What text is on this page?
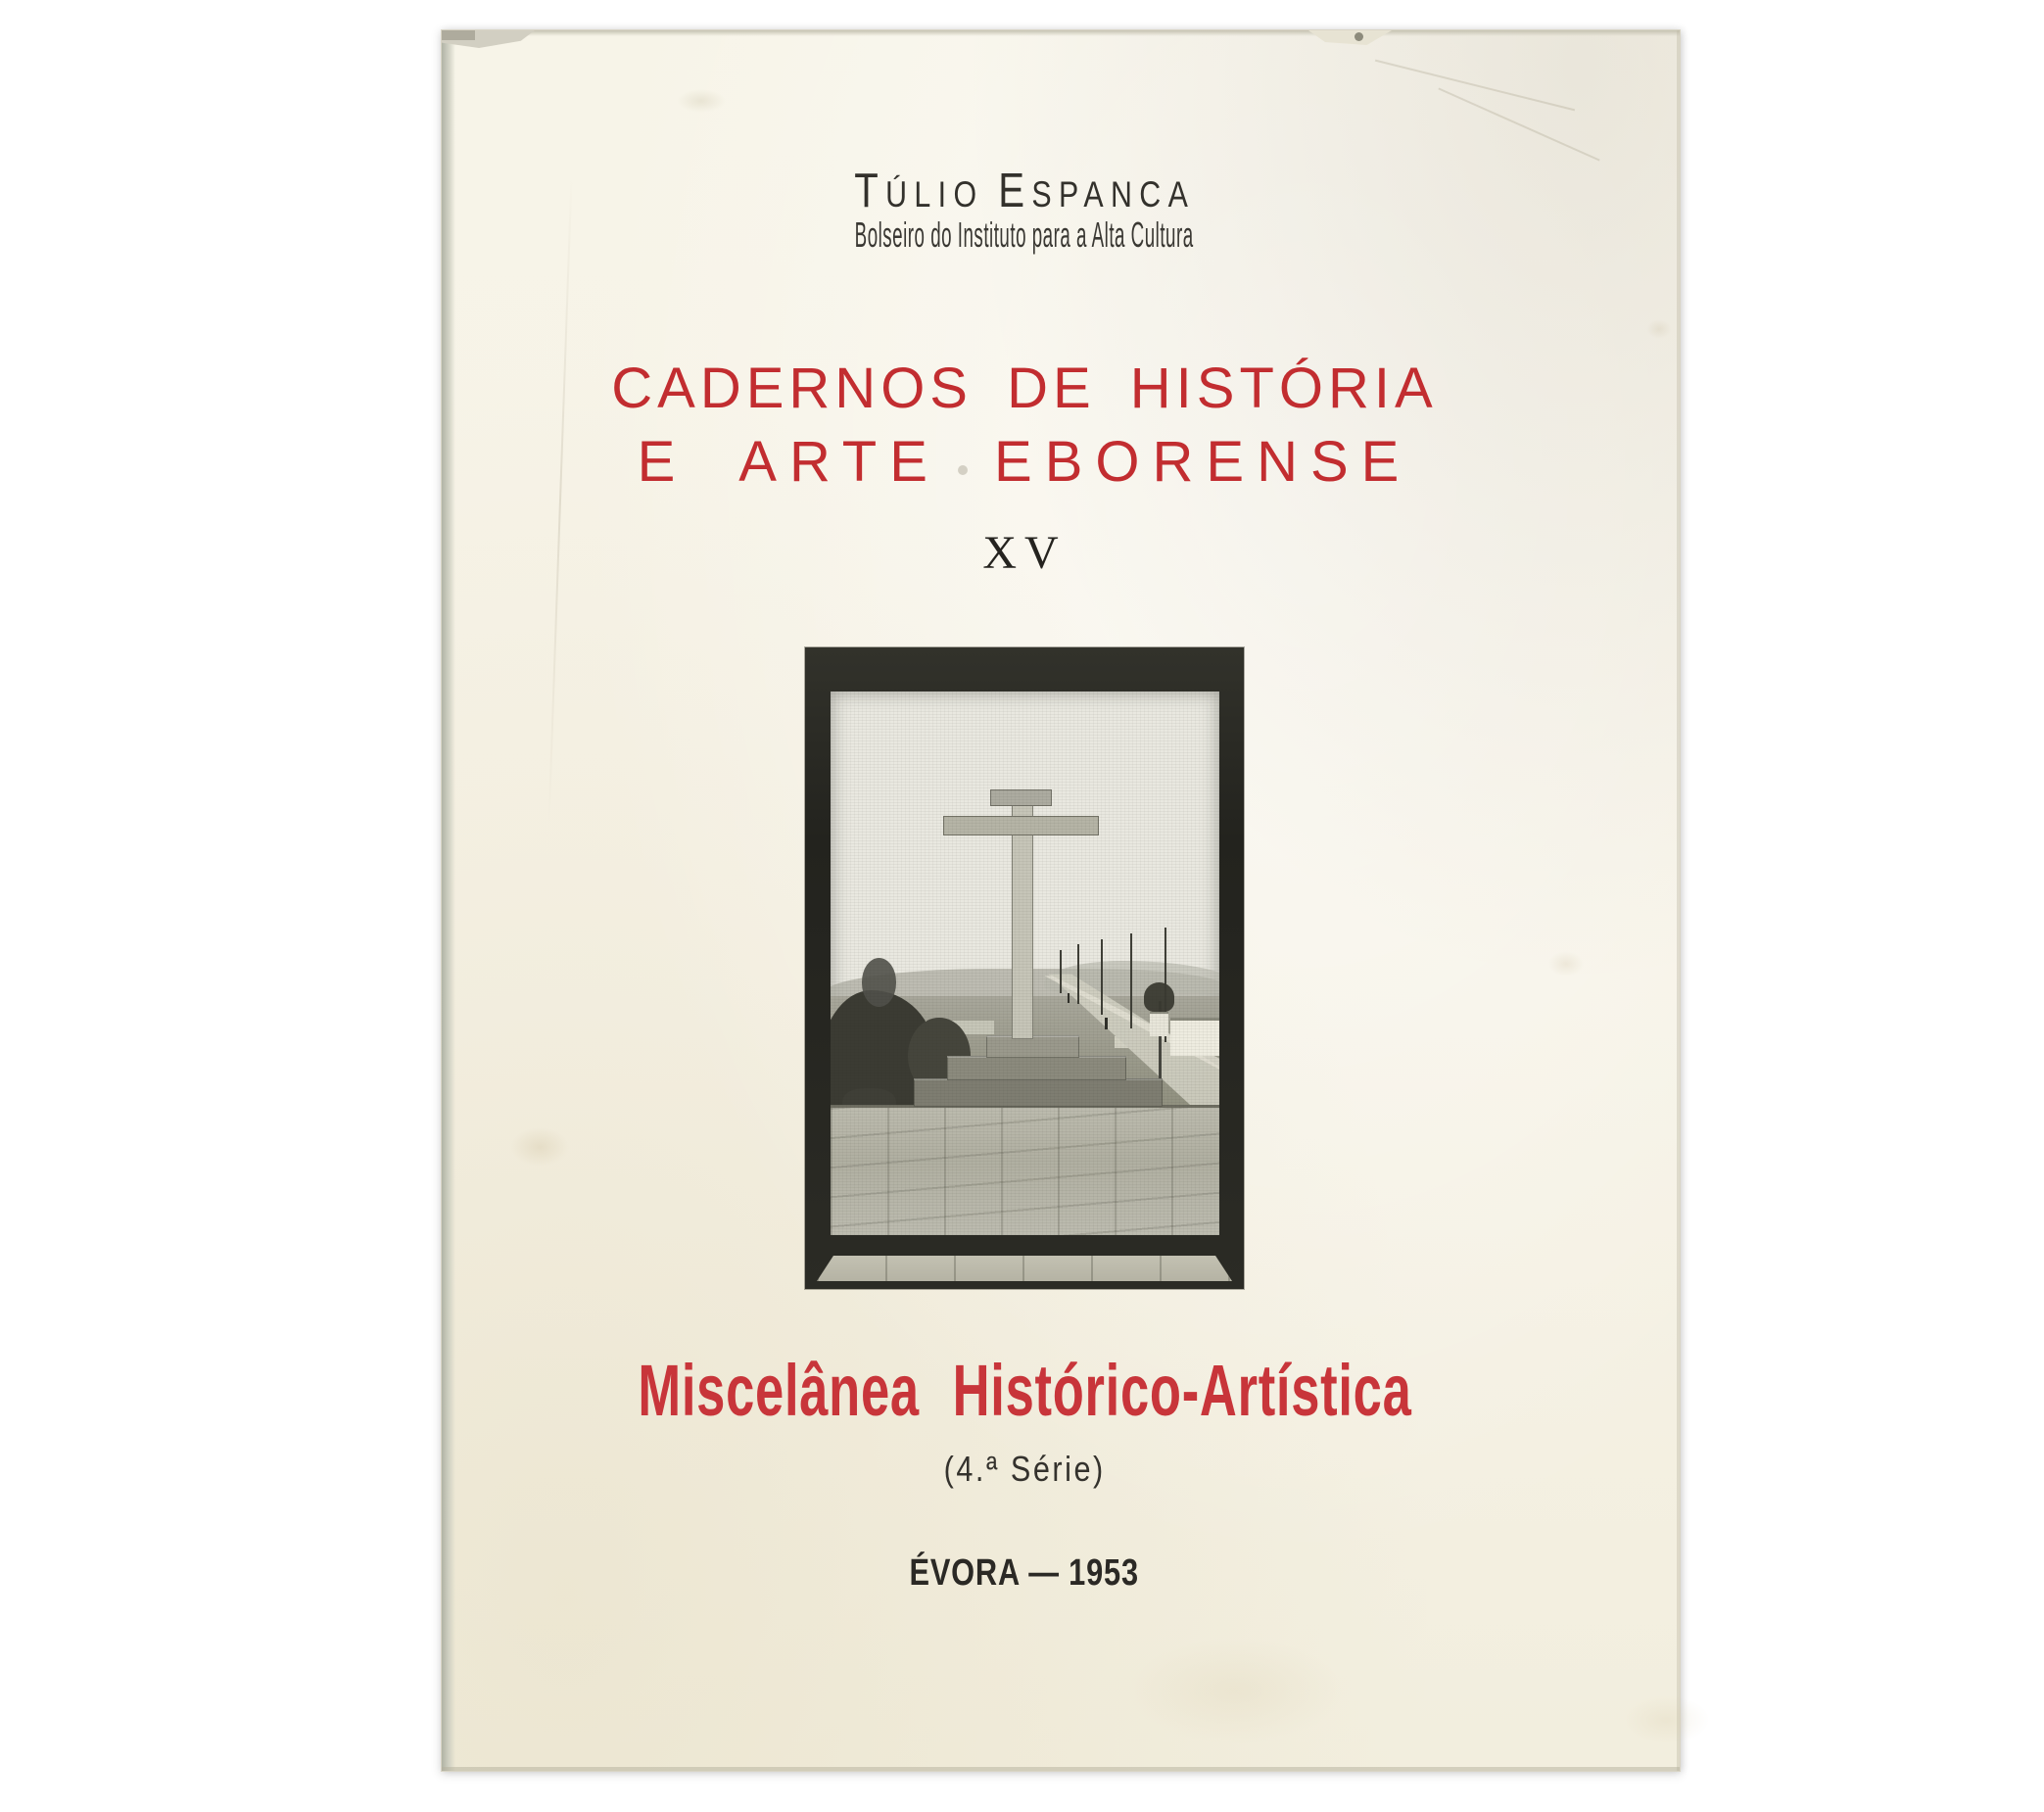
TÚLIO ESPANCA
Bolseiro do Instituto para a Alta Cultura
CADERNOS DE HISTÓRIA
E ARTE EBORENSE
XV
Miscelânea Histórico-Artística
(4.ª Série)
ÉVORA — 1953
